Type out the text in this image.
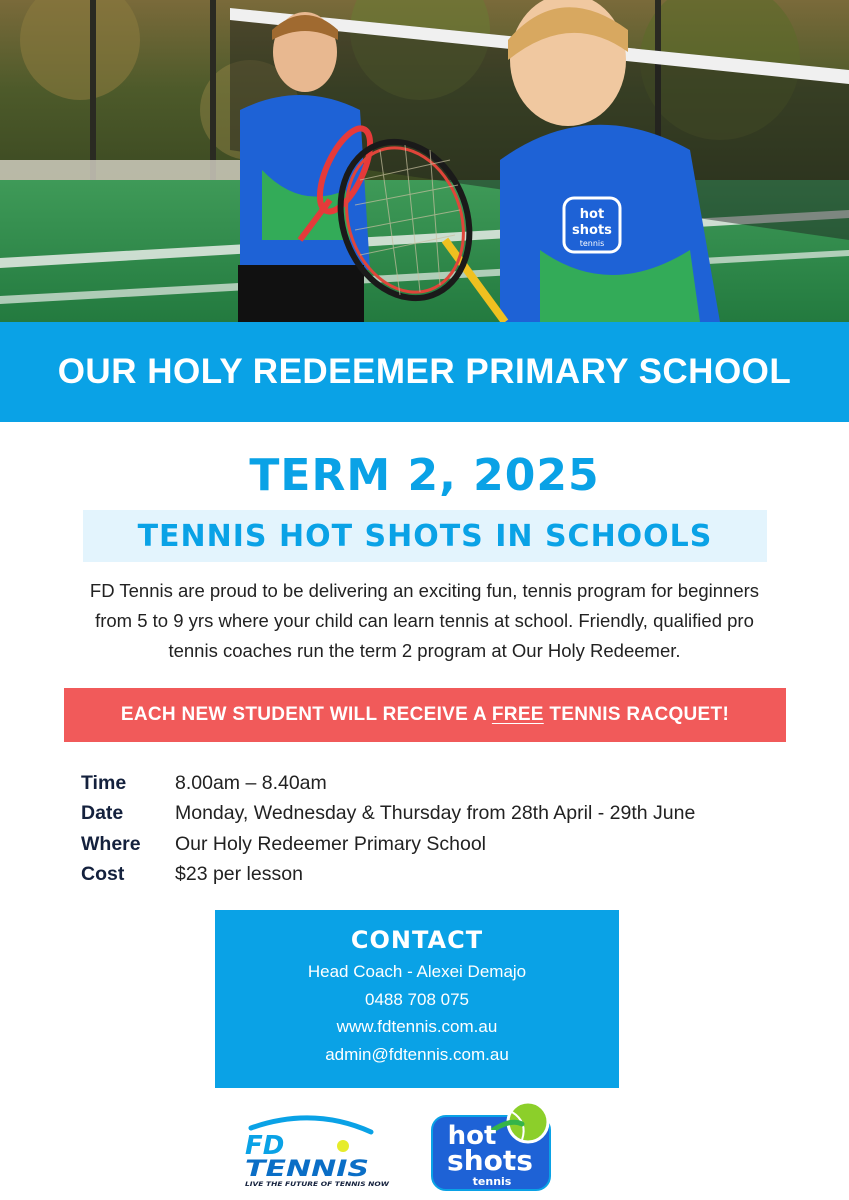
hot
shots
tennis
OUR HOLY REDEEMER PRIMARY SCHOOL
TERM 2, 2025
TENNIS HOT SHOTS IN SCHOOLS
FD Tennis are proud to be delivering an exciting fun, tennis program for beginners
from 5 to 9 yrs where your child can learn tennis at school. Friendly, qualified pro
tennis coaches run the term 2 program at Our Holy Redeemer.
EACH NEW STUDENT WILL RECEIVE A FREE TENNIS RACQUET!
Time	8.00am – 8.40am
Date	Monday, Wednesday & Thursday from 28th April - 29th June
Where	Our Holy Redeemer Primary School
Cost	$23 per lesson
CONTACT
Head Coach - Alexei Demajo
0488 708 075
www.fdtennis.com.au
admin@fdtennis.com.au
FD
TENNIS
LIVE THE FUTURE OF TENNIS NOW
hot
shots
tennis
